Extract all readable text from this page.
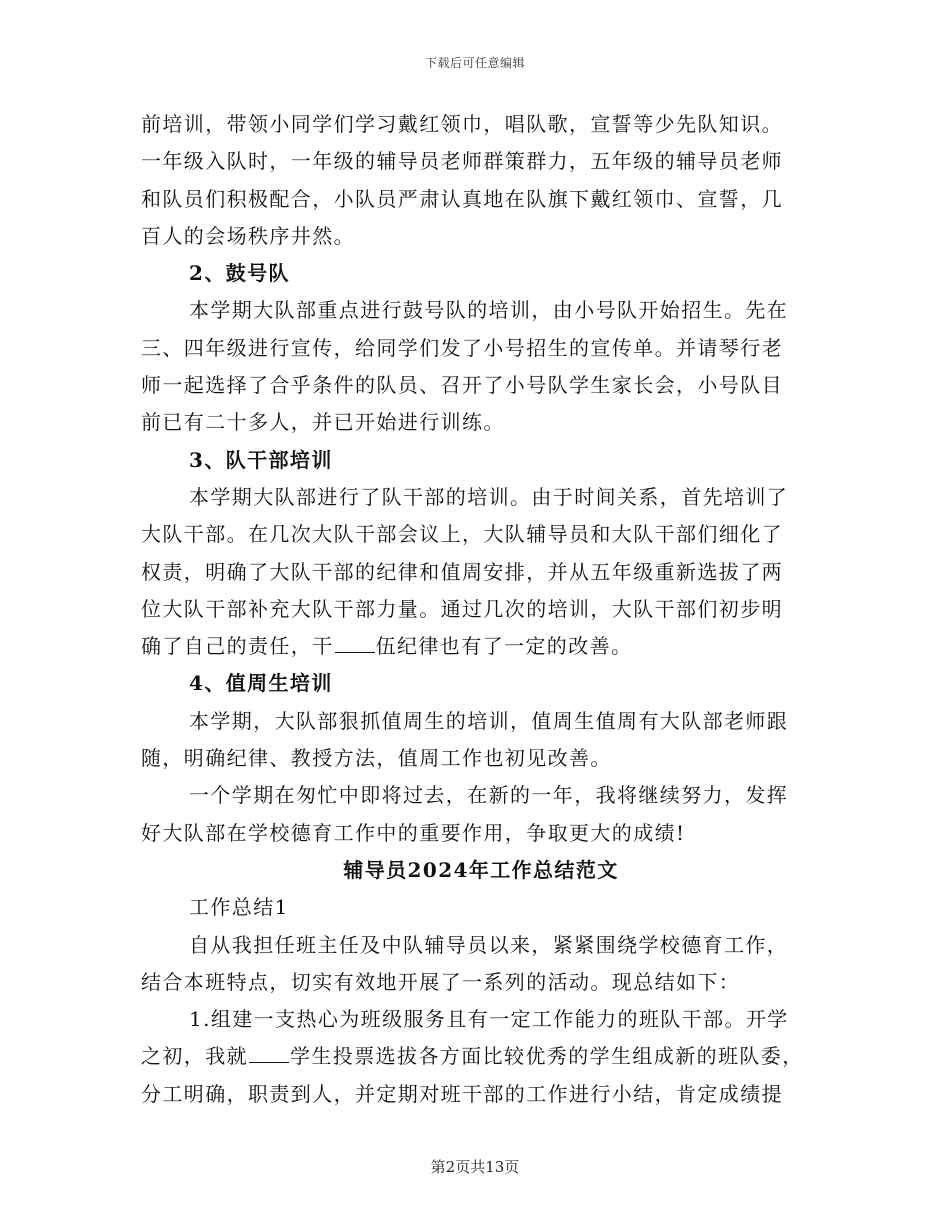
下载后可任意编辑

前培训，带领小同学们学习戴红领巾，唱队歌，宣誓等少先队知识。

一年级入队时，一年级的辅导员老师群策群力，五年级的辅导员老师

和队员们积极配合，小队员严肃认真地在队旗下戴红领巾、宣誓，几

百人的会场秩序井然。

2、鼓号队

本学期大队部重点进行鼓号队的培训，由小号队开始招生。先在

三、四年级进行宣传，给同学们发了小号招生的宣传单。并请琴行老

师一起选择了合乎条件的队员、召开了小号队学生家长会，小号队目

前已有二十多人，并已开始进行训练。

3、队干部培训

本学期大队部进行了队干部的培训。由于时间关系，首先培训了

大队干部。在几次大队干部会议上，大队辅导员和大队干部们细化了

权责，明确了大队干部的纪律和值周安排，并从五年级重新选拔了两

位大队干部补充大队干部力量。通过几次的培训，大队干部们初步明

确了自己的责任，干 伍纪律也有了一定的改善。

4、值周生培训

本学期，大队部狠抓值周生的培训，值周生值周有大队部老师跟

随，明确纪律、教授方法，值周工作也初见改善。

一个学期在匆忙中即将过去，在新的一年，我将继续努力，发挥

好大队部在学校德育工作中的重要作用，争取更大的成绩!

辅导员2024年工作总结范文

工作总结1

自从我担任班主任及中队辅导员以来，紧紧围绕学校德育工作，

结合本班特点，切实有效地开展了一系列的活动。现总结如下：

1.组建一支热心为班级服务且有一定工作能力的班队干部。开学

之初，我就 学生投票选拔各方面比较优秀的学生组成新的班队委，

分工明确，职责到人，并定期对班干部的工作进行小结，肯定成绩提

第2页共13页
